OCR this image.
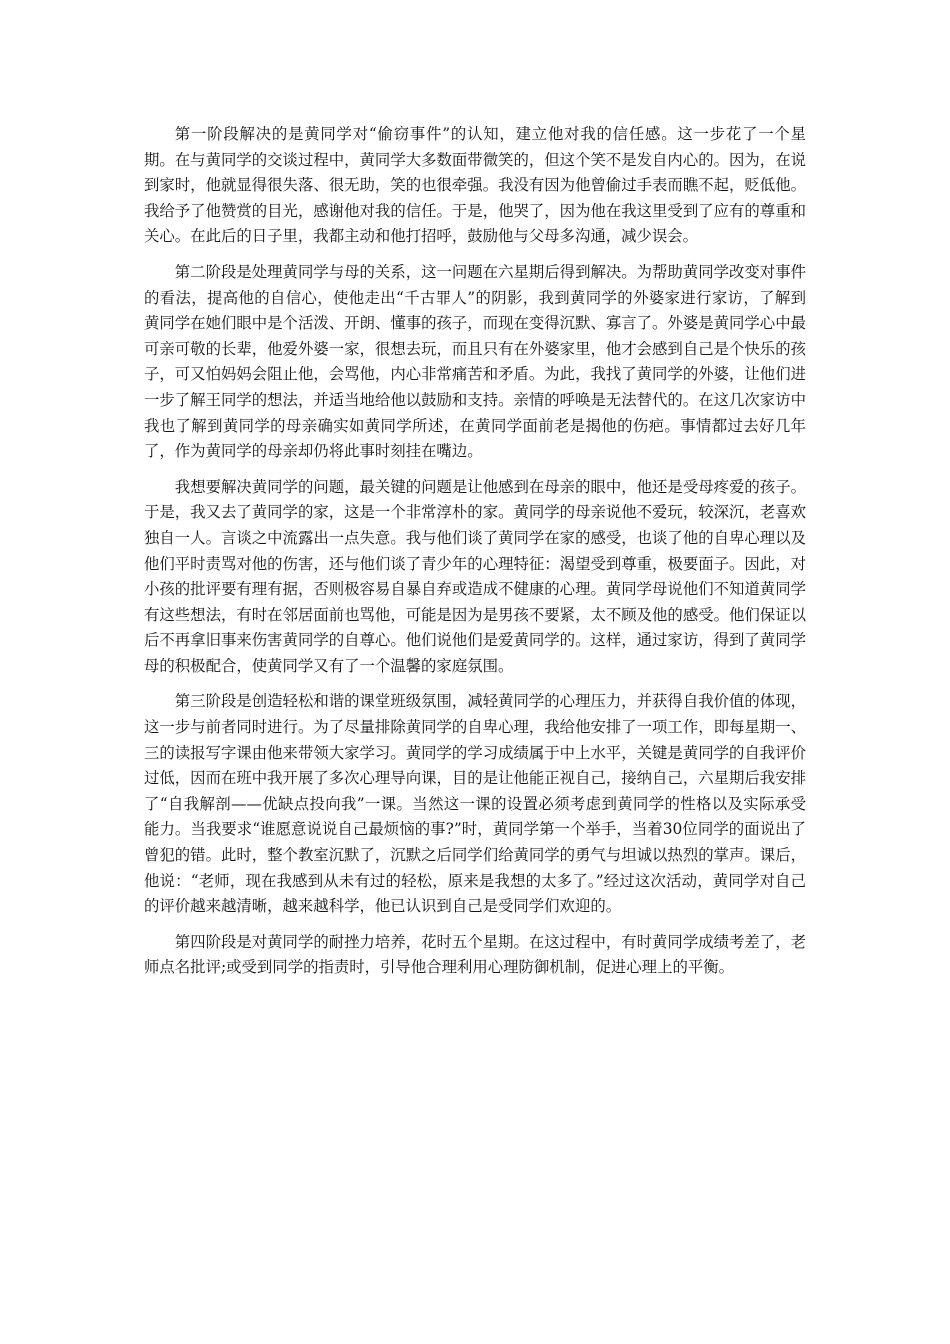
第一阶段解决的是黄同学对“偷窃事件”的认知，建立他对我的信任感。这一步花了一个星期。在与黄同学的交谈过程中，黄同学大多数面带微笑的，但这个笑不是发自内心的。因为，在说到家时，他就显得很失落、很无助，笑的也很牵强。我没有因为他曾偷过手表而瞧不起，贬低他。我给予了他赞赏的目光，感谢他对我的信任。于是，他哭了，因为他在我这里受到了应有的尊重和关心。在此后的日子里，我都主动和他打招呼，鼓励他与父母多沟通，减少误会。

第二阶段是处理黄同学与母的关系，这一问题在六星期后得到解决。为帮助黄同学改变对事件的看法，提高他的自信心，使他走出“千古罪人”的阴影，我到黄同学的外婆家进行家访，了解到黄同学在她们眼中是个活泼、开朗、懂事的孩子，而现在变得沉默、寡言了。外婆是黄同学心中最可亲可敬的长辈，他爱外婆一家，很想去玩，而且只有在外婆家里，他才会感到自己是个快乐的孩子，可又怕妈妈会阻止他，会骂他，内心非常痛苦和矛盾。为此，我找了黄同学的外婆，让他们进一步了解王同学的想法，并适当地给他以鼓励和支持。亲情的呼唤是无法替代的。在这几次家访中我也了解到黄同学的母亲确实如黄同学所述，在黄同学面前老是揭他的伤疤。事情都过去好几年了，作为黄同学的母亲却仍将此事时刻挂在嘴边。

我想要解决黄同学的问题，最关键的问题是让他感到在母亲的眼中，他还是受母疼爱的孩子。于是，我又去了黄同学的家，这是一个非常淳朴的家。黄同学的母亲说他不爱玩，较深沉，老喜欢独自一人。言谈之中流露出一点失意。我与他们谈了黄同学在家的感受，也谈了他的自卑心理以及他们平时责骂对他的伤害，还与他们谈了青少年的心理特征：渴望受到尊重，极要面子。因此，对小孩的批评要有理有据，否则极容易自暴自弃或造成不健康的心理。黄同学母说他们不知道黄同学有这些想法，有时在邻居面前也骂他，可能是因为是男孩不要紧，太不顾及他的感受。他们保证以后不再拿旧事来伤害黄同学的自尊心。他们说他们是爱黄同学的。这样，通过家访，得到了黄同学母的积极配合，使黄同学又有了一个温馨的家庭氛围。

第三阶段是创造轻松和谐的课堂班级氛围，减轻黄同学的心理压力，并获得自我价值的体现，这一步与前者同时进行。为了尽量排除黄同学的自卑心理，我给他安排了一项工作，即每星期一、三的读报写字课由他来带领大家学习。黄同学的学习成绩属于中上水平，关键是黄同学的自我评价过低，因而在班中我开展了多次心理导向课，目的是让他能正视自己，接纳自己，六星期后我安排了“自我解剖——优缺点投向我”一课。当然这一课的设置必须考虑到黄同学的性格以及实际承受能力。当我要求“谁愿意说说自己最烦恼的事?”时，黄同学第一个举手，当着30位同学的面说出了曾犯的错。此时，整个教室沉默了，沉默之后同学们给黄同学的勇气与坦诚以热烈的掌声。课后，他说：“老师，现在我感到从未有过的轻松，原来是我想的太多了。”经过这次活动，黄同学对自己的评价越来越清晰，越来越科学，他已认识到自己是受同学们欢迎的。

第四阶段是对黄同学的耐挫力培养，花时五个星期。在这过程中，有时黄同学成绩考差了，老师点名批评;或受到同学的指责时，引导他合理利用心理防御机制，促进心理上的平衡。
